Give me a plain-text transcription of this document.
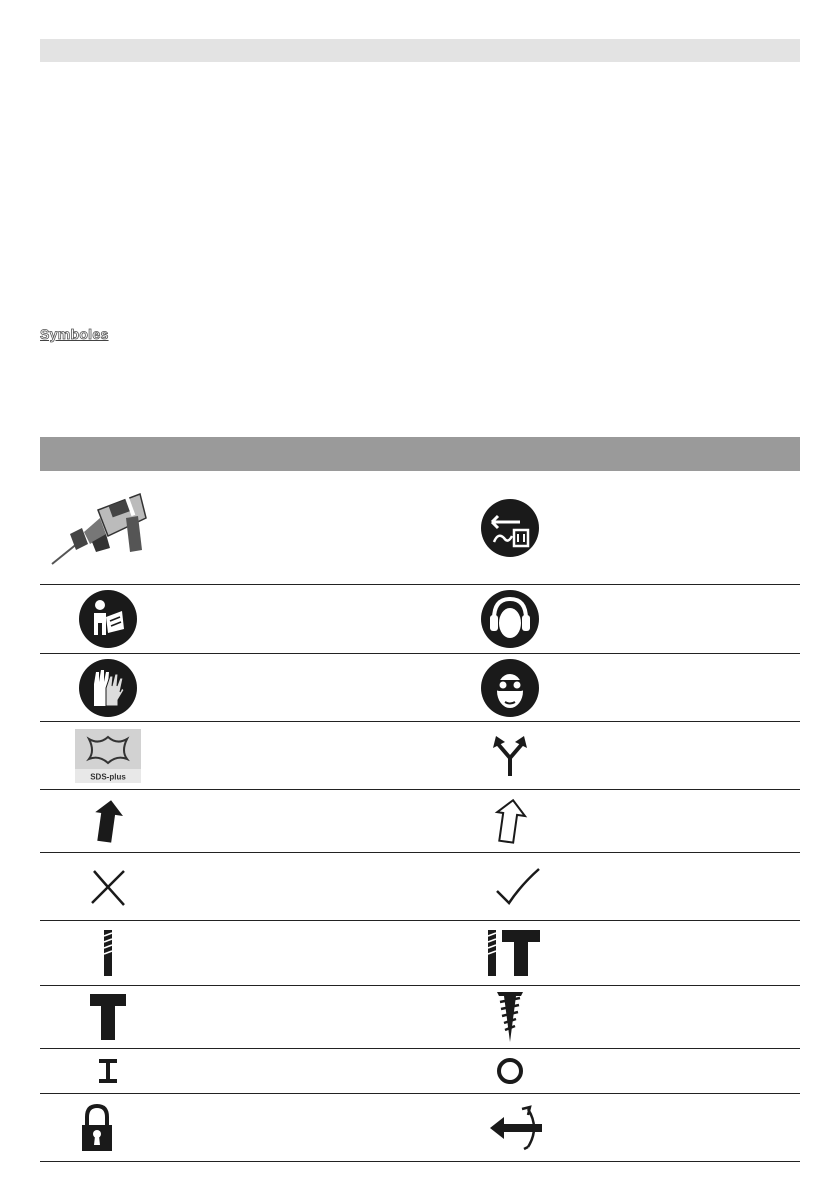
Symboles
SDS-plus
